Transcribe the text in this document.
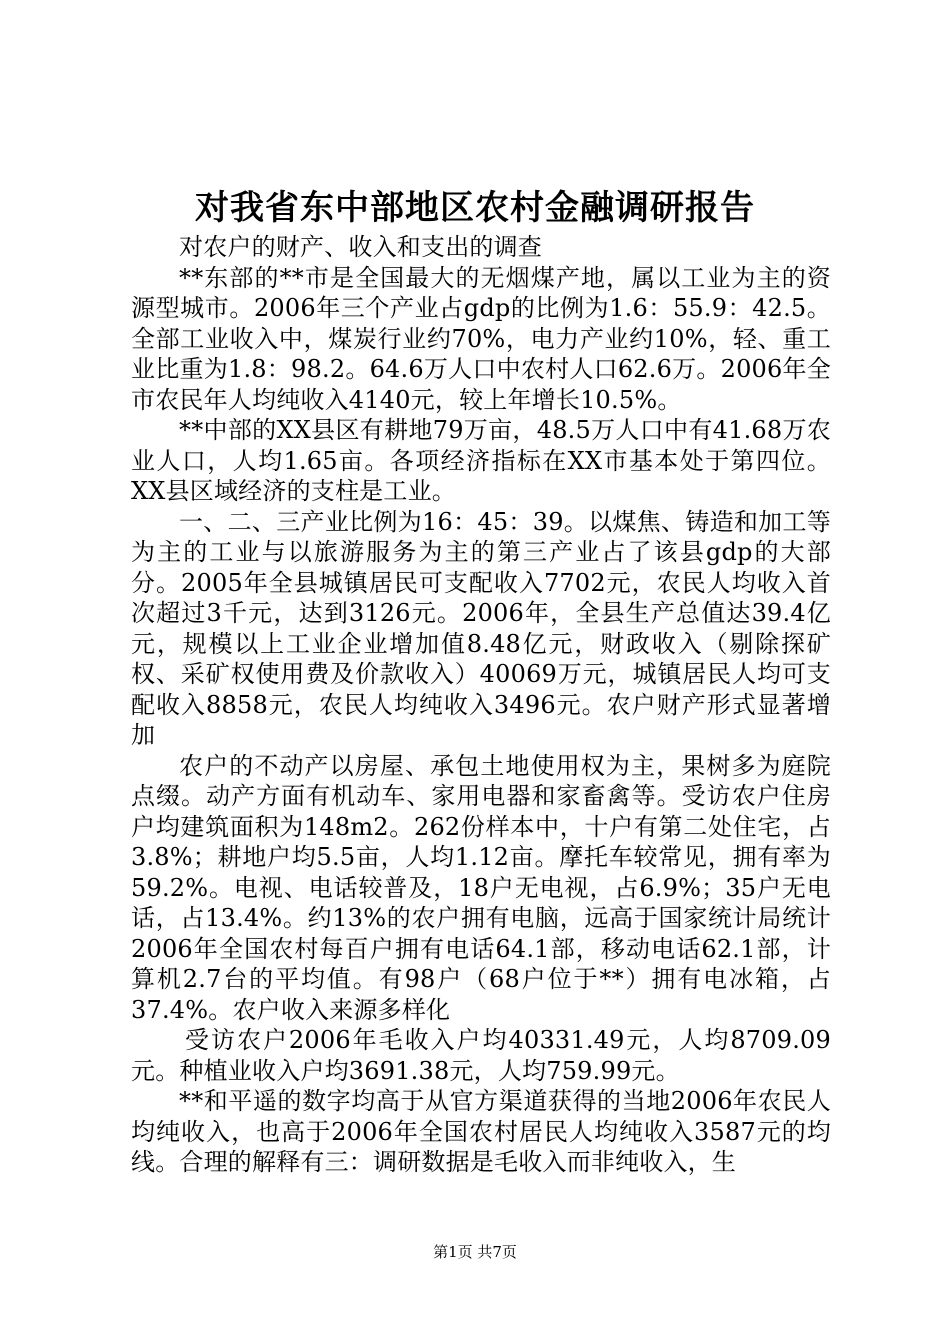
对我省东中部地区农村金融调研报告

对农户的财产、收入和支出的调查

**东部的**市是全国最大的无烟煤产地，属以工业为主的资源型城市。2006年三个产业占gdp的比例为1.6：55.9：42.5。全部工业收入中，煤炭行业约70%，电力产业约10%，轻、重工业比重为1.8：98.2。64.6万人口中农村人口62.6万。2006年全市农民年人均纯收入4140元，较上年增长10.5%。

**中部的XX县区有耕地79万亩，48.5万人口中有41.68万农业人口，人均1.65亩。各项经济指标在XX市基本处于第四位。XX县区域经济的支柱是工业。

一、二、三产业比例为16：45：39。以煤焦、铸造和加工等为主的工业与以旅游服务为主的第三产业占了该县gdp的大部分。2005年全县城镇居民可支配收入7702元，农民人均收入首次超过3千元，达到3126元。2006年，全县生产总值达39.4亿元，规模以上工业企业增加值8.48亿元，财政收入（剔除探矿权、采矿权使用费及价款收入）40069万元，城镇居民人均可支配收入8858元，农民人均纯收入3496元。农户财产形式显著增加

农户的不动产以房屋、承包土地使用权为主，果树多为庭院点缀。动产方面有机动车、家用电器和家畜禽等。受访农户住房户均建筑面积为148m2。262份样本中，十户有第二处住宅，占3.8%；耕地户均5.5亩，人均1.12亩。摩托车较常见，拥有率为59.2%。电视、电话较普及，18户无电视，占6.9%；35户无电话，占13.4%。约13%的农户拥有电脑，远高于国家统计局统计2006年全国农村每百户拥有电话64.1部，移动电话62.1部，计算机2.7台的平均值。有98户（68户位于**）拥有电冰箱，占37.4%。农户收入来源多样化

受访农户2006年毛收入户均40331.49元，人均8709.09元。种植业收入户均3691.38元，人均759.99元。

**和平遥的数字均高于从官方渠道获得的当地2006年农民人均纯收入，也高于2006年全国农村居民人均纯收入3587元的均线。合理的解释有三：调研数据是毛收入而非纯收入，生

第1页 共7页
